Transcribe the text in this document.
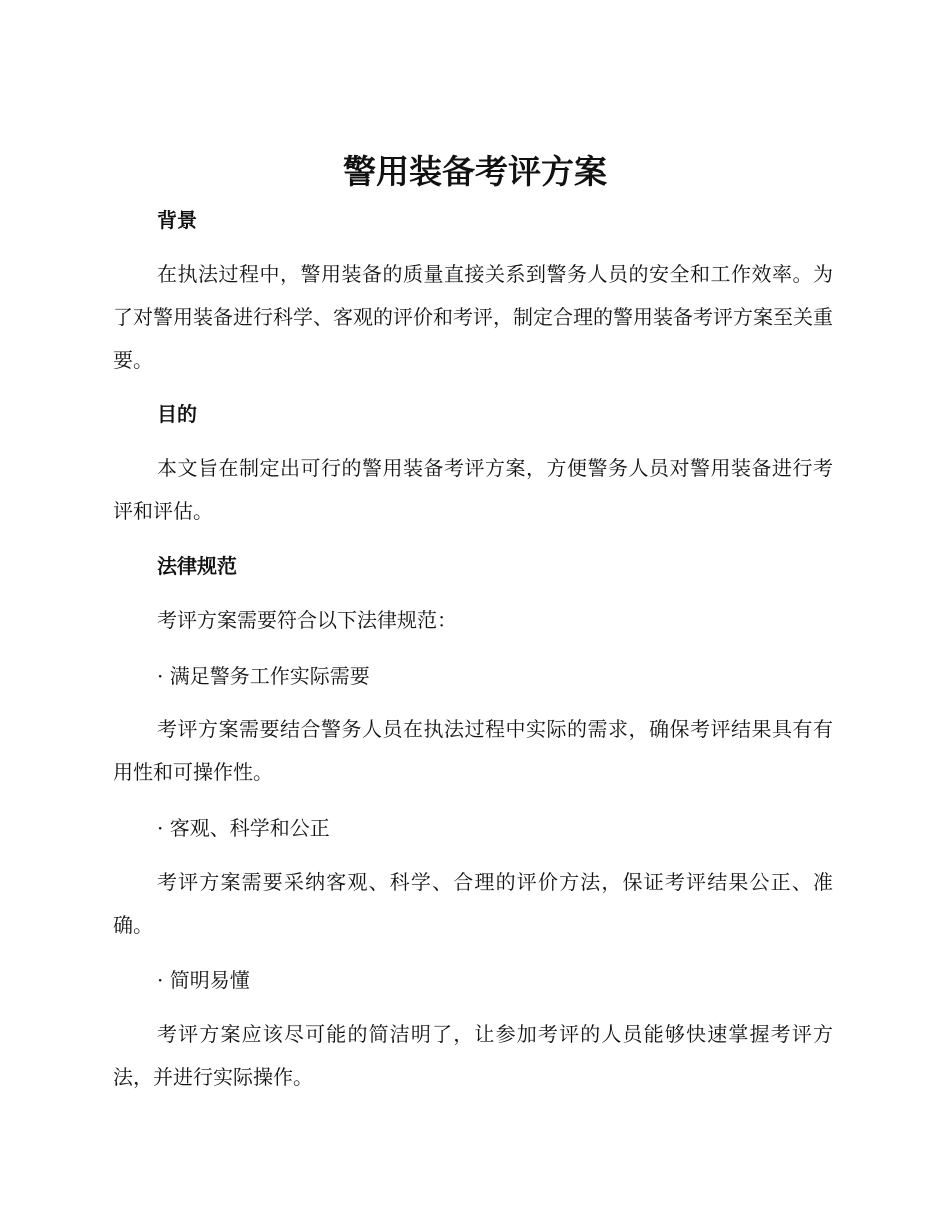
警用装备考评方案
背景

在执法过程中，警用装备的质量直接关系到警务人员的安全和工作效率。为了对警用装备进行科学、客观的评价和考评，制定合理的警用装备考评方案至关重要。

目的

本文旨在制定出可行的警用装备考评方案，方便警务人员对警用装备进行考评和评估。

法律规范

考评方案需要符合以下法律规范：

· 满足警务工作实际需要

考评方案需要结合警务人员在执法过程中实际的需求，确保考评结果具有有用性和可操作性。

· 客观、科学和公正

考评方案需要采纳客观、科学、合理的评价方法，保证考评结果公正、准确。

· 简明易懂

考评方案应该尽可能的简洁明了，让参加考评的人员能够快速掌握考评方法，并进行实际操作。
